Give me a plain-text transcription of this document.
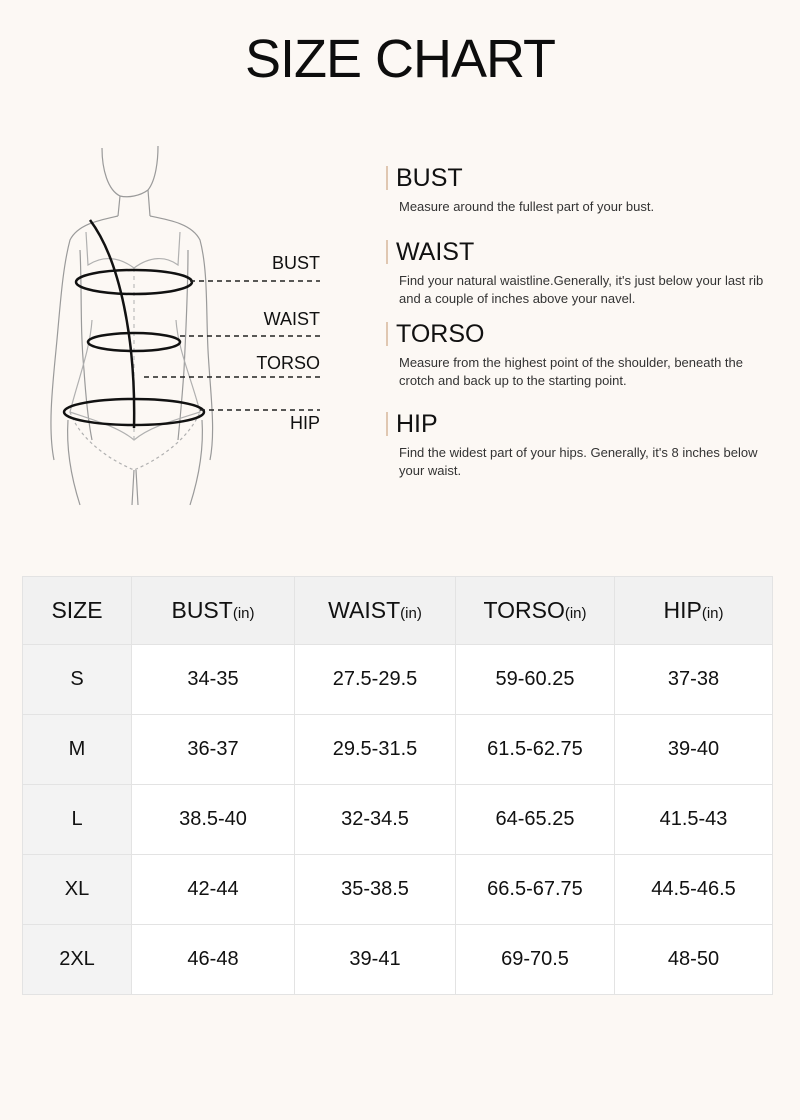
SIZE CHART
BUST
WAIST
TORSO
HIP
BUST
Measure around the fullest part of your bust.
WAIST
Find your natural waistline.Generally, it's just below your last rib and a couple of inches above your navel.
TORSO
Measure from the highest point of the shoulder, beneath the crotch and back up to the starting point.
HIP
Find the widest part of your hips. Generally, it's 8 inches below your waist.
SIZE	BUST(in)	WAIST(in)	TORSO(in)	HIP(in)
S	34-35	27.5-29.5	59-60.25	37-38
M	36-37	29.5-31.5	61.5-62.75	39-40
L	38.5-40	32-34.5	64-65.25	41.5-43
XL	42-44	35-38.5	66.5-67.75	44.5-46.5
2XL	46-48	39-41	69-70.5	48-50
